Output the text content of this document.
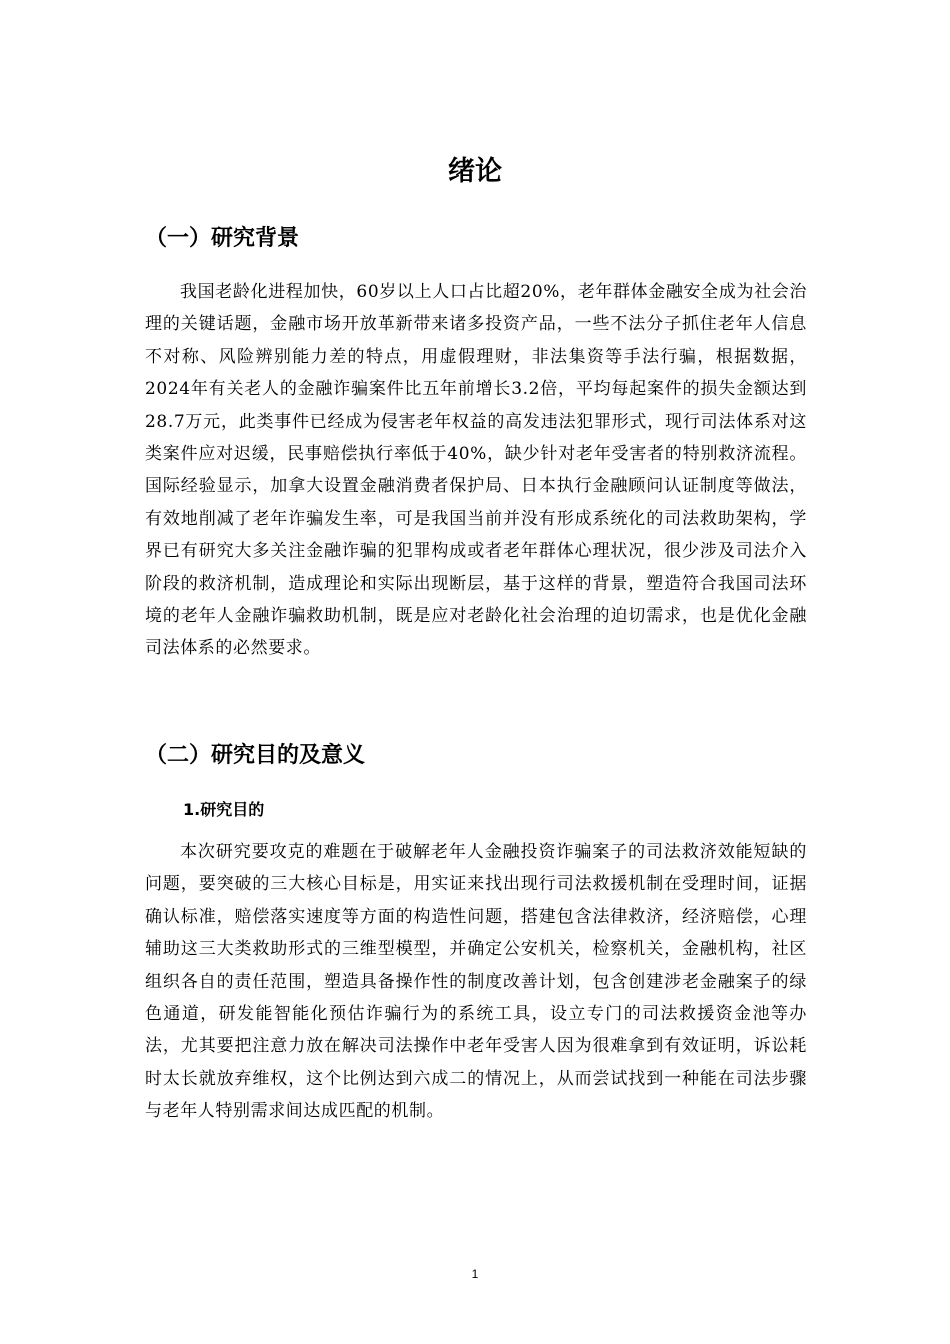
绪论
（一）研究背景

我国老龄化进程加快，60岁以上人口占比超20%，老年群体金融安全成为社会治理的关键话题，金融市场开放革新带来诸多投资产品，一些不法分子抓住老年人信息不对称、风险辨别能力差的特点，用虚假理财，非法集资等手法行骗，根据数据，2024年有关老人的金融诈骗案件比五年前增长3.2倍，平均每起案件的损失金额达到28.7万元，此类事件已经成为侵害老年权益的高发违法犯罪形式，现行司法体系对这类案件应对迟缓，民事赔偿执行率低于40%，缺少针对老年受害者的特别救济流程。国际经验显示，加拿大设置金融消费者保护局、日本执行金融顾问认证制度等做法，有效地削减了老年诈骗发生率，可是我国当前并没有形成系统化的司法救助架构，学界已有研究大多关注金融诈骗的犯罪构成或者老年群体心理状况，很少涉及司法介入阶段的救济机制，造成理论和实际出现断层，基于这样的背景，塑造符合我国司法环境的老年人金融诈骗救助机制，既是应对老龄化社会治理的迫切需求，也是优化金融司法体系的必然要求。

（二）研究目的及意义
1.研究目的

本次研究要攻克的难题在于破解老年人金融投资诈骗案子的司法救济效能短缺的问题，要突破的三大核心目标是，用实证来找出现行司法救援机制在受理时间，证据确认标准，赔偿落实速度等方面的构造性问题，搭建包含法律救济，经济赔偿，心理辅助这三大类救助形式的三维型模型，并确定公安机关，检察机关，金融机构，社区组织各自的责任范围，塑造具备操作性的制度改善计划，包含创建涉老金融案子的绿色通道，研发能智能化预估诈骗行为的系统工具，设立专门的司法救援资金池等办法，尤其要把注意力放在解决司法操作中老年受害人因为很难拿到有效证明，诉讼耗时太长就放弃维权，这个比例达到六成二的情况上，从而尝试找到一种能在司法步骤与老年人特别需求间达成匹配的机制。

1
